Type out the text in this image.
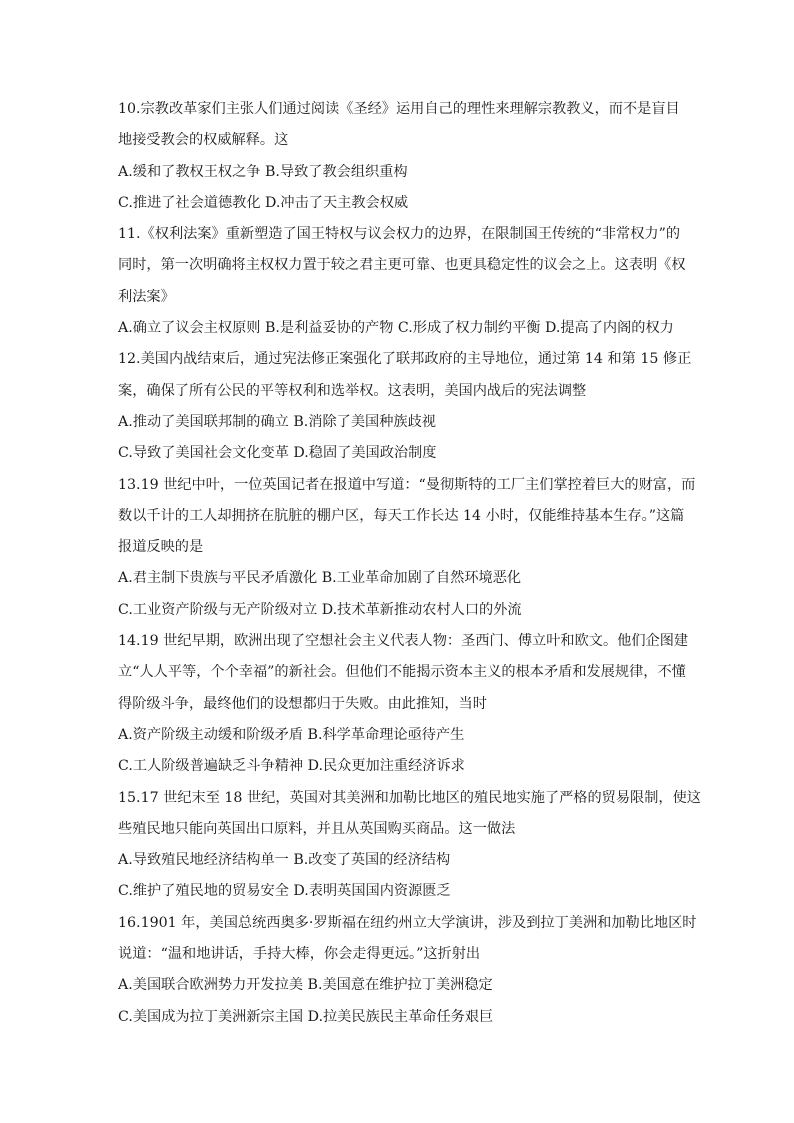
10.宗教改革家们主张人们通过阅读《圣经》运用自己的理性来理解宗教教义，而不是盲目
地接受教会的权威解释。这
A.缓和了教权王权之争 B.导致了教会组织重构
C.推进了社会道德教化 D.冲击了天主教会权威
11.《权利法案》重新塑造了国王特权与议会权力的边界，在限制国王传统的“非常权力”的
同时，第一次明确将主权权力置于较之君主更可靠、也更具稳定性的议会之上。这表明《权
利法案》
A.确立了议会主权原则 B.是利益妥协的产物 C.形成了权力制约平衡 D.提高了内阁的权力
12.美国内战结束后，通过宪法修正案强化了联邦政府的主导地位，通过第 14 和第 15 修正
案，确保了所有公民的平等权利和选举权。这表明，美国内战后的宪法调整
A.推动了美国联邦制的确立 B.消除了美国种族歧视
C.导致了美国社会文化变革 D.稳固了美国政治制度
13.19 世纪中叶，一位英国记者在报道中写道：“曼彻斯特的工厂主们掌控着巨大的财富，而
数以千计的工人却拥挤在肮脏的棚户区，每天工作长达 14 小时，仅能维持基本生存。”这篇
报道反映的是
A.君主制下贵族与平民矛盾激化 B.工业革命加剧了自然环境恶化
C.工业资产阶级与无产阶级对立 D.技术革新推动农村人口的外流
14.19 世纪早期，欧洲出现了空想社会主义代表人物：圣西门、傅立叶和欧文。他们企图建
立“人人平等，个个幸福”的新社会。但他们不能揭示资本主义的根本矛盾和发展规律，不懂
得阶级斗争，最终他们的设想都归于失败。由此推知，当时
A.资产阶级主动缓和阶级矛盾 B.科学革命理论亟待产生
C.工人阶级普遍缺乏斗争精神 D.民众更加注重经济诉求
15.17 世纪末至 18 世纪，英国对其美洲和加勒比地区的殖民地实施了严格的贸易限制，使这
些殖民地只能向英国出口原料，并且从英国购买商品。这一做法
A.导致殖民地经济结构单一 B.改变了英国的经济结构
C.维护了殖民地的贸易安全 D.表明英国国内资源匮乏
16.1901 年，美国总统西奥多·罗斯福在纽约州立大学演讲，涉及到拉丁美洲和加勒比地区时
说道：“温和地讲话，手持大棒，你会走得更远。”这折射出
A.美国联合欧洲势力开发拉美 B.美国意在维护拉丁美洲稳定
C.美国成为拉丁美洲新宗主国 D.拉美民族民主革命任务艰巨
